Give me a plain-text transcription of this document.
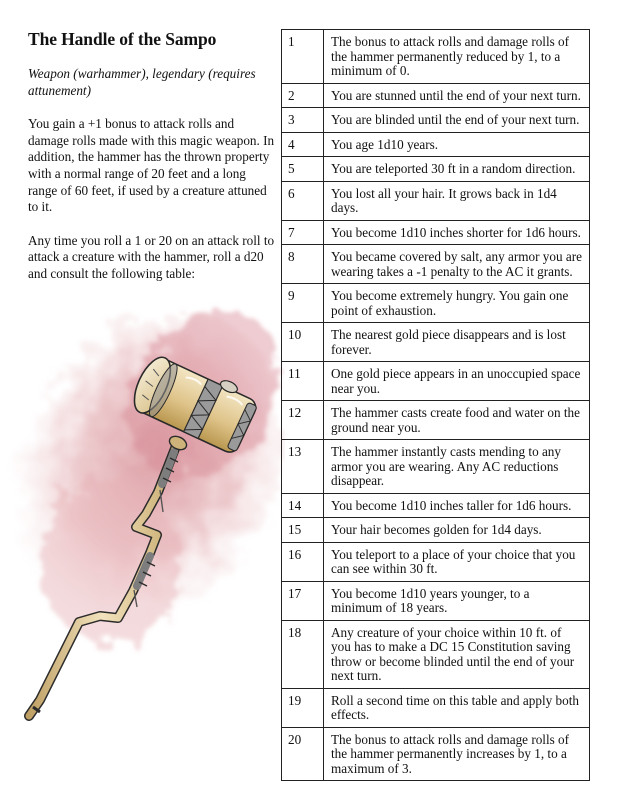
The Handle of the Sampo

Weapon (warhammer), legendary (requires attunement)

You gain a +1 bonus to attack rolls and damage rolls made with this magic weapon. In addition, the hammer has the thrown property with a normal range of 20 feet and a long range of 60 feet, if used by a creature attuned to it.

Any time you roll a 1 or 20 on an attack roll to attack a creature with the hammer, roll a d20 and consult the following table:

1	The bonus to attack rolls and damage rolls of the hammer permanently reduced by 1, to a minimum of 0.
2	You are stunned until the end of your next turn.
3	You are blinded until the end of your next turn.
4	You age 1d10 years.
5	You are teleported 30 ft in a random direction.
6	You lost all your hair. It grows back in 1d4 days.
7	You become 1d10 inches shorter for 1d6 hours.
8	You became covered by salt, any armor you are wearing takes a -1 penalty to the AC it grants.
9	You become extremely hungry. You gain one point of exhaustion.
10	The nearest gold piece disappears and is lost forever.
11	One gold piece appears in an unoccupied space near you.
12	The hammer casts create food and water on the ground near you.
13	The hammer instantly casts mending to any armor you are wearing. Any AC reductions disappear.
14	You become 1d10 inches taller for 1d6 hours.
15	Your hair becomes golden for 1d4 days.
16	You teleport to a place of your choice that you can see within 30 ft.
17	You become 1d10 years younger, to a minimum of 18 years.
18	Any creature of your choice within 10 ft. of you has to make a DC 15 Constitution saving throw or become blinded until the end of your next turn.
19	Roll a second time on this table and apply both effects.
20	The bonus to attack rolls and damage rolls of the hammer permanently increases by 1, to a maximum of 3.
